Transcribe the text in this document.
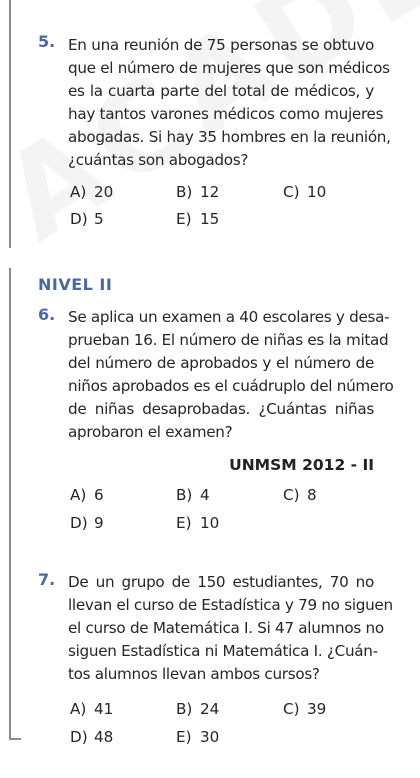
5. En una reunión de 75 personas se obtuvo
que el número de mujeres que son médicos
es la cuarta parte del total de médicos, y
hay tantos varones médicos como mujeres
abogadas. Si hay 35 hombres en la reunión,
¿cuántas son abogados?
A) 20	B) 12	C) 10
D) 5	E) 15
NIVEL II
6. Se aplica un examen a 40 escolares y desa-
prueban 16. El número de niñas es la mitad
del número de aprobados y el número de
niños aprobados es el cuádruplo del número
de niñas desaprobadas. ¿Cuántas niñas
aprobaron el examen?
UNMSM 2012 - II
A) 6	B) 4	C) 8
D) 9	E) 10
7. De un grupo de 150 estudiantes, 70 no
llevan el curso de Estadística y 79 no siguen
el curso de Matemática I. Si 47 alumnos no
siguen Estadística ni Matemática I. ¿Cuán-
tos alumnos llevan ambos cursos?
A) 41	B) 24	C) 39
D) 48	E) 30
